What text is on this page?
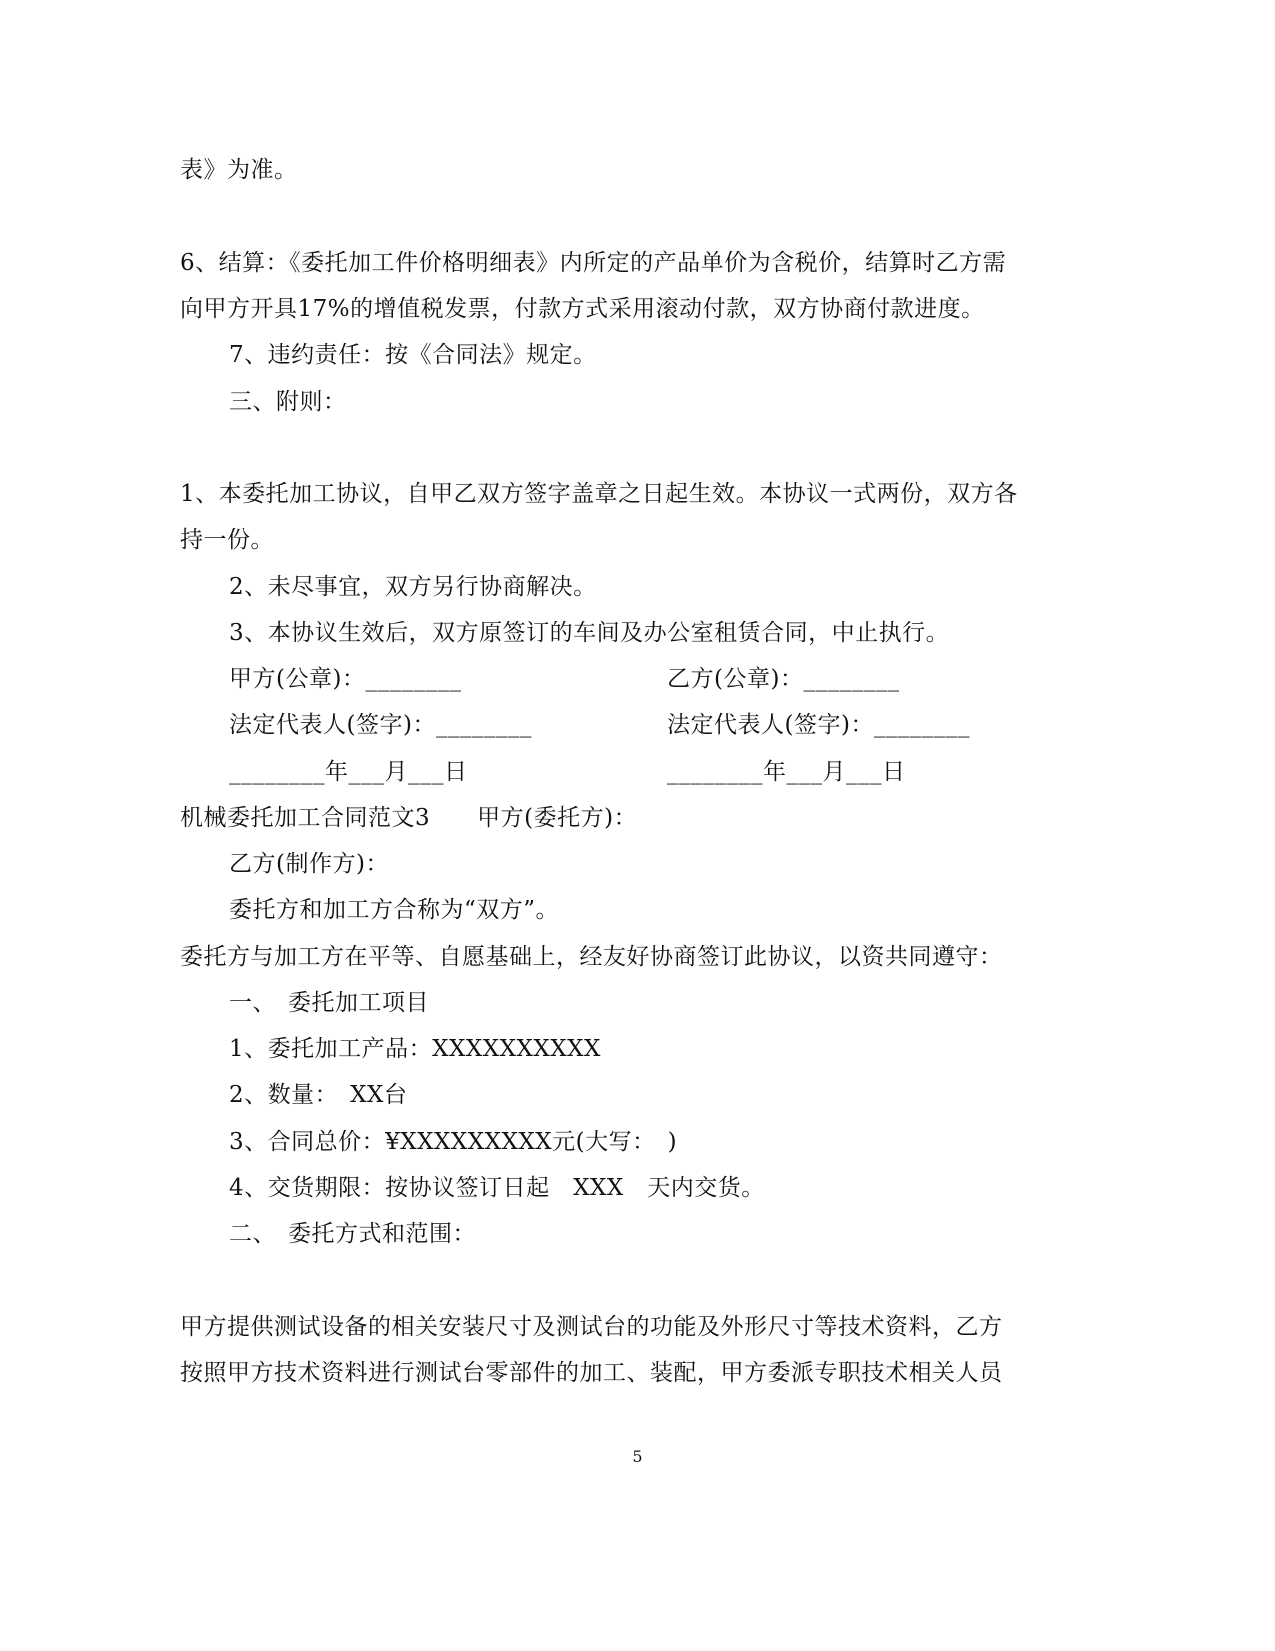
表》为准。
6、结算：《委托加工件价格明细表》内所定的产品单价为含税价，结算时乙方需
向甲方开具17%的增值税发票，付款方式采用滚动付款，双方协商付款进度。
7、违约责任：按《合同法》规定。
三、附则：
1、本委托加工协议，自甲乙双方签字盖章之日起生效。本协议一式两份，双方各
持一份。
2、未尽事宜，双方另行协商解决。
3、本协议生效后，双方原签订的车间及办公室租赁合同，中止执行。
甲方(公章)：________	乙方(公章)：________
法定代表人(签字)：________	法定代表人(签字)：________
________年___月___日	________年___月___日
机械委托加工合同范文3　　甲方(委托方)：
乙方(制作方)：
委托方和加工方合称为“双方”。
委托方与加工方在平等、自愿基础上，经友好协商签订此协议，以资共同遵守：
一、　委托加工项目
1、委托加工产品：XXXXXXXXXX
2、数量：　XX台
3、合同总价：¥XXXXXXXXX元(大写：　)
4、交货期限：按协议签订日起　XXX　天内交货。
二、　委托方式和范围：
甲方提供测试设备的相关安装尺寸及测试台的功能及外形尺寸等技术资料，乙方
按照甲方技术资料进行测试台零部件的加工、装配，甲方委派专职技术相关人员
5
